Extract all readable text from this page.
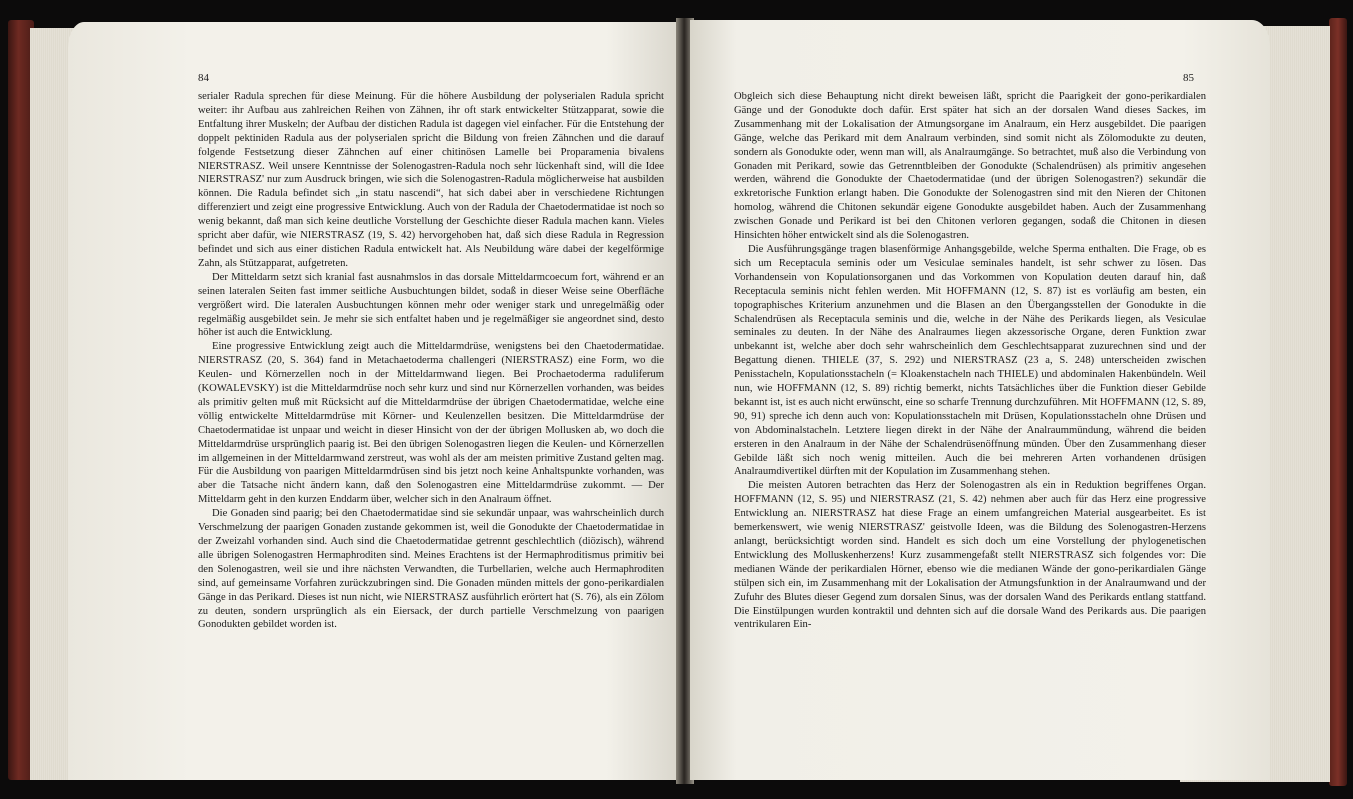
84

serialer Radula sprechen für diese Meinung. Für die höhere Ausbildung der polyserialen Radula spricht weiter: ihr Aufbau aus zahlreichen Reihen von Zähnen, ihr oft stark entwickelter Stützapparat, sowie die Entfaltung ihrer Muskeln; der Aufbau der distichen Radula ist dagegen viel einfacher. Für die Entstehung der doppelt pektiniden Radula aus der polyserialen spricht die Bildung von freien Zähnchen und die darauf folgende Festsetzung dieser Zähnchen auf einer chitinösen Lamelle bei Proparamenia bivalens NIERSTRASZ. Weil unsere Kenntnisse der Solenogastren-Radula noch sehr lückenhaft sind, will die Idee NIERSTRASZ' nur zum Ausdruck bringen, wie sich die Solenogastren-Radula möglicherweise hat ausbilden können. Die Radula befindet sich „in statu nascendi“, hat sich dabei aber in verschiedene Richtungen differenziert und zeigt eine progressive Entwicklung. Auch von der Radula der Chaetodermatidae ist noch so wenig bekannt, daß man sich keine deutliche Vorstellung der Geschichte dieser Radula machen kann. Vieles spricht aber dafür, wie NIERSTRASZ (19, S. 42) hervorgehoben hat, daß sich diese Radula in Regression befindet und sich aus einer distichen Radula entwickelt hat. Als Neubildung wäre dabei der kegelförmige Zahn, als Stützapparat, aufgetreten.

Der Mitteldarm setzt sich kranial fast ausnahmslos in das dorsale Mitteldarmcoecum fort, während er an seinen lateralen Seiten fast immer seitliche Ausbuchtungen bildet, sodaß in dieser Weise seine Oberfläche vergrößert wird. Die lateralen Ausbuchtungen können mehr oder weniger stark und unregelmäßig oder regelmäßig ausgebildet sein. Je mehr sie sich entfaltet haben und je regelmäßiger sie angeordnet sind, desto höher ist auch die Entwicklung.

Eine progressive Entwicklung zeigt auch die Mitteldarmdrüse, wenigstens bei den Chaetodermatidae. NIERSTRASZ (20, S. 364) fand in Metachaetoderma challengeri (NIERSTRASZ) eine Form, wo die Keulen- und Körnerzellen noch in der Mitteldarmwand liegen. Bei Prochaetoderma raduliferum (KOWALEVSKY) ist die Mitteldarmdrüse noch sehr kurz und sind nur Körnerzellen vorhanden, was beides als primitiv gelten muß mit Rücksicht auf die Mitteldarmdrüse der übrigen Chaetodermatidae, welche eine völlig entwickelte Mitteldarmdrüse mit Körner- und Keulenzellen besitzen. Die Mitteldarmdrüse der Chaetodermatidae ist unpaar und weicht in dieser Hinsicht von der der übrigen Mollusken ab, wo doch die Mitteldarmdrüse ursprünglich paarig ist. Bei den übrigen Solenogastren liegen die Keulen- und Körnerzellen im allgemeinen in der Mitteldarmwand zerstreut, was wohl als der am meisten primitive Zustand gelten mag. Für die Ausbildung von paarigen Mitteldarmdrüsen sind bis jetzt noch keine Anhaltspunkte vorhanden, was aber die Tatsache nicht ändern kann, daß den Solenogastren eine Mitteldarmdrüse zukommt. — Der Mitteldarm geht in den kurzen Enddarm über, welcher sich in den Analraum öffnet.

Die Gonaden sind paarig; bei den Chaetodermatidae sind sie sekundär unpaar, was wahrscheinlich durch Verschmelzung der paarigen Gonaden zustande gekommen ist, weil die Gonodukte der Chaetodermatidae in der Zweizahl vorhanden sind. Auch sind die Chaetodermatidae getrennt geschlechtlich (diözisch), während alle übrigen Solenogastren Hermaphroditen sind. Meines Erachtens ist der Hermaphroditismus primitiv bei den Solenogastren, weil sie und ihre nächsten Verwandten, die Turbellarien, welche auch Hermaphroditen sind, auf gemeinsame Vorfahren zurückzubringen sind. Die Gonaden münden mittels der gono-perikardialen Gänge in das Perikard. Dieses ist nun nicht, wie NIERSTRASZ ausführlich erörtert hat (S. 76), als ein Zölom zu deuten, sondern ursprünglich als ein Eiersack, der durch partielle Verschmelzung von paarigen Gonodukten gebildet worden ist.

85

Obgleich sich diese Behauptung nicht direkt beweisen läßt, spricht die Paarigkeit der gono-perikardialen Gänge und der Gonodukte doch dafür. Erst später hat sich an der dorsalen Wand dieses Sackes, im Zusammenhang mit der Lokalisation der Atmungsorgane im Analraum, ein Herz ausgebildet. Die paarigen Gänge, welche das Perikard mit dem Analraum verbinden, sind somit nicht als Zölomodukte zu deuten, sondern als Gonodukte oder, wenn man will, als Analraumgänge. So betrachtet, muß also die Verbindung von Gonaden mit Perikard, sowie das Getrenntbleiben der Gonodukte (Schalendrüsen) als primitiv angesehen werden, während die Gonodukte der Chaetodermatidae (und der übrigen Solenogastren?) sekundär die exkretorische Funktion erlangt haben. Die Gonodukte der Solenogastren sind mit den Nieren der Chitonen homolog, während die Chitonen sekundär eigene Gonodukte ausgebildet haben. Auch der Zusammenhang zwischen Gonade und Perikard ist bei den Chitonen verloren gegangen, sodaß die Chitonen in diesen Hinsichten höher entwickelt sind als die Solenogastren.

Die Ausführungsgänge tragen blasenförmige Anhangsgebilde, welche Sperma enthalten. Die Frage, ob es sich um Receptacula seminis oder um Vesiculae seminales handelt, ist sehr schwer zu lösen. Das Vorhandensein von Kopulationsorganen und das Vorkommen von Kopulation deuten darauf hin, daß Receptacula seminis nicht fehlen werden. Mit HOFFMANN (12, S. 87) ist es vorläufig am besten, ein topographisches Kriterium anzunehmen und die Blasen an den Übergangsstellen der Gonodukte in die Schalendrüsen als Receptacula seminis und die, welche in der Nähe des Perikards liegen, als Vesiculae seminales zu deuten. In der Nähe des Analraumes liegen akzessorische Organe, deren Funktion zwar unbekannt ist, welche aber doch sehr wahrscheinlich dem Geschlechtsapparat zuzurechnen sind und der Begattung dienen. THIELE (37, S. 292) und NIERSTRASZ (23 a, S. 248) unterscheiden zwischen Penisstacheln, Kopulationsstacheln (= Kloakenstacheln nach THIELE) und abdominalen Hakenbündeln. Weil nun, wie HOFFMANN (12, S. 89) richtig bemerkt, nichts Tatsächliches über die Funktion dieser Gebilde bekannt ist, ist es auch nicht erwünscht, eine so scharfe Trennung durchzuführen. Mit HOFFMANN (12, S. 89, 90, 91) spreche ich denn auch von: Kopulationsstacheln mit Drüsen, Kopulationsstacheln ohne Drüsen und von Abdominalstacheln. Letztere liegen direkt in der Nähe der Analraummündung, während die beiden ersteren in den Analraum in der Nähe der Schalendrüsenöffnung münden. Über den Zusammenhang dieser Gebilde läßt sich noch wenig mitteilen. Auch die bei mehreren Arten vorhandenen drüsigen Analraumdivertikel dürften mit der Kopulation im Zusammenhang stehen.

Die meisten Autoren betrachten das Herz der Solenogastren als ein in Reduktion begriffenes Organ. HOFFMANN (12, S. 95) und NIERSTRASZ (21, S. 42) nehmen aber auch für das Herz eine progressive Entwicklung an. NIERSTRASZ hat diese Frage an einem umfangreichen Material ausgearbeitet. Es ist bemerkenswert, wie wenig NIERSTRASZ' geistvolle Ideen, was die Bildung des Solenogastren-Herzens anlangt, berücksichtigt worden sind. Handelt es sich doch um eine Vorstellung der phylogenetischen Entwicklung des Molluskenherzens! Kurz zusammengefaßt stellt NIERSTRASZ sich folgendes vor: Die medianen Wände der perikardialen Hörner, ebenso wie die medianen Wände der gono-perikardialen Gänge stülpen sich ein, im Zusammenhang mit der Lokalisation der Atmungsfunktion in der Analraumwand und der Zufuhr des Blutes dieser Gegend zum dorsalen Sinus, was der dorsalen Wand des Perikards entlang stattfand. Die Einstülpungen wurden kontraktil und dehnten sich auf die dorsale Wand des Perikards aus. Die paarigen ventrikularen Ein-
